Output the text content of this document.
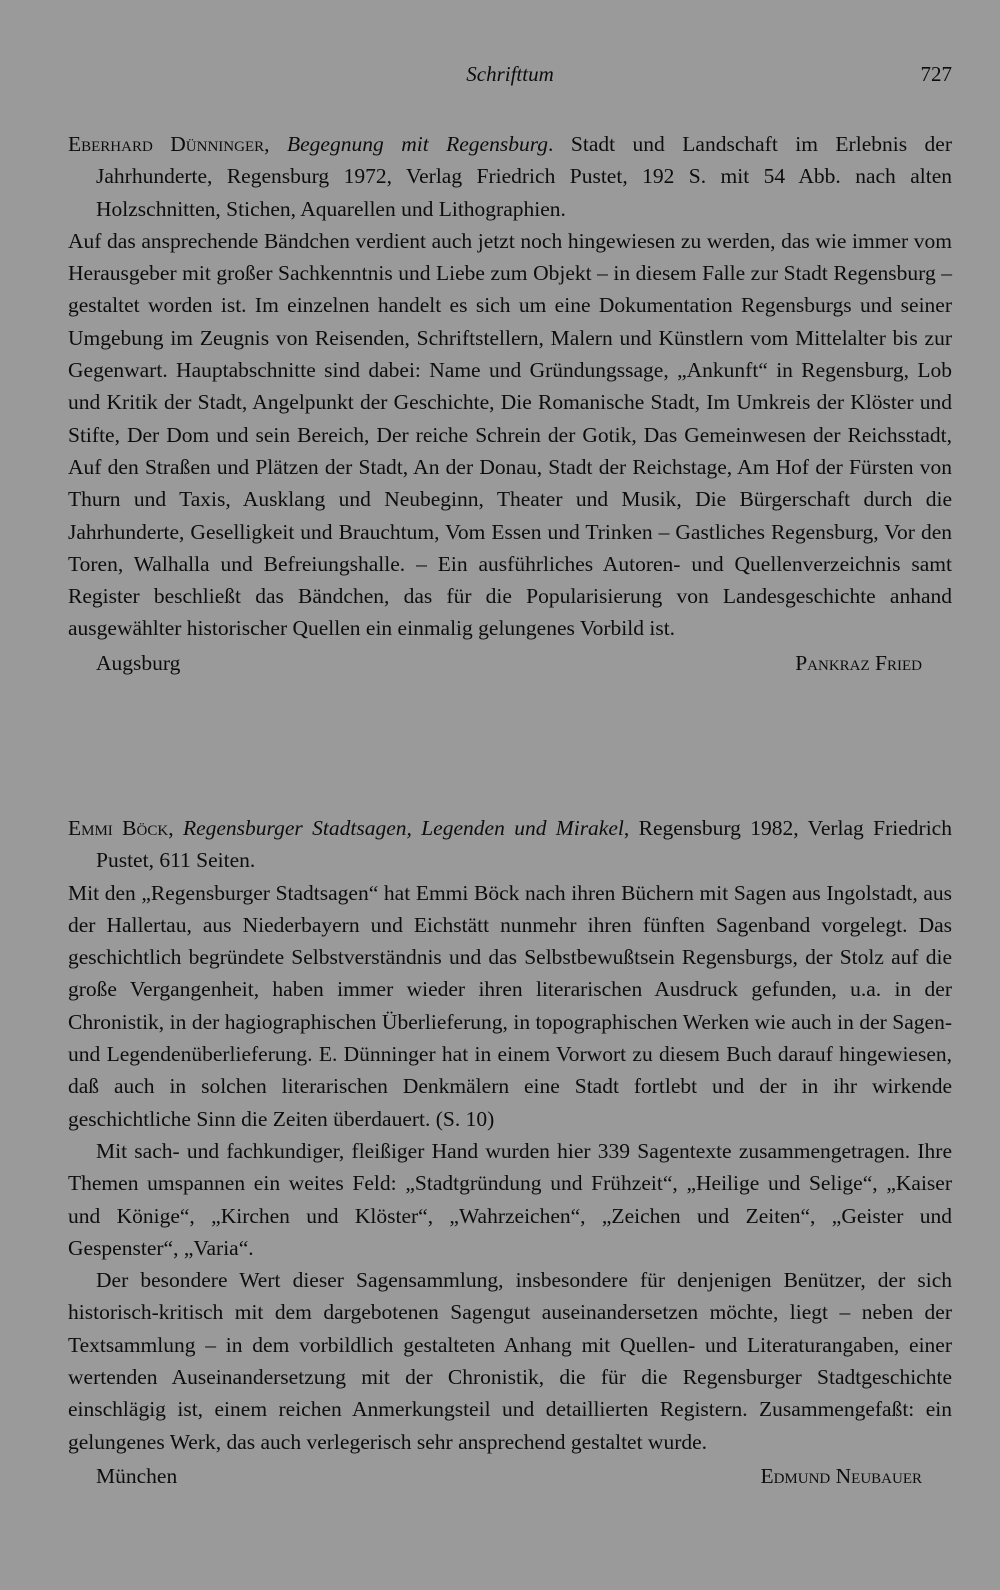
Schrifttum	727

Eberhard Dünninger, Begegnung mit Regensburg. Stadt und Landschaft im Erlebnis der Jahrhunderte, Regensburg 1972, Verlag Friedrich Pustet, 192 S. mit 54 Abb. nach alten Holzschnitten, Stichen, Aquarellen und Lithographien.

Auf das ansprechende Bändchen verdient auch jetzt noch hingewiesen zu werden, das wie immer vom Herausgeber mit großer Sachkenntnis und Liebe zum Objekt – in diesem Falle zur Stadt Regensburg – gestaltet worden ist. Im einzelnen handelt es sich um eine Dokumentation Regensburgs und seiner Umgebung im Zeugnis von Reisenden, Schriftstellern, Malern und Künstlern vom Mittelalter bis zur Gegenwart. Hauptabschnitte sind dabei: Name und Gründungssage, „Ankunft“ in Regensburg, Lob und Kritik der Stadt, Angelpunkt der Geschichte, Die Romanische Stadt, Im Umkreis der Klöster und Stifte, Der Dom und sein Bereich, Der reiche Schrein der Gotik, Das Gemeinwesen der Reichsstadt, Auf den Straßen und Plätzen der Stadt, An der Donau, Stadt der Reichstage, Am Hof der Fürsten von Thurn und Taxis, Ausklang und Neubeginn, Theater und Musik, Die Bürgerschaft durch die Jahrhunderte, Geselligkeit und Brauchtum, Vom Essen und Trinken – Gastliches Regensburg, Vor den Toren, Walhalla und Befreiungshalle. – Ein ausführliches Autoren- und Quellenverzeichnis samt Register beschließt das Bändchen, das für die Popularisierung von Landesgeschichte anhand ausgewählter historischer Quellen ein einmalig gelungenes Vorbild ist.

Augsburg	Pankraz Fried

Emmi Böck, Regensburger Stadtsagen, Legenden und Mirakel, Regensburg 1982, Verlag Friedrich Pustet, 611 Seiten.

Mit den „Regensburger Stadtsagen“ hat Emmi Böck nach ihren Büchern mit Sagen aus Ingolstadt, aus der Hallertau, aus Niederbayern und Eichstätt nunmehr ihren fünften Sagenband vorgelegt. Das geschichtlich begründete Selbstverständnis und das Selbstbewußtsein Regensburgs, der Stolz auf die große Vergangenheit, haben immer wieder ihren literarischen Ausdruck gefunden, u.a. in der Chronistik, in der hagiographischen Überlieferung, in topographischen Werken wie auch in der Sagen- und Legendenüberlieferung. E. Dünninger hat in einem Vorwort zu diesem Buch darauf hingewiesen, daß auch in solchen literarischen Denkmälern eine Stadt fortlebt und der in ihr wirkende geschichtliche Sinn die Zeiten überdauert. (S. 10)

Mit sach- und fachkundiger, fleißiger Hand wurden hier 339 Sagentexte zusammengetragen. Ihre Themen umspannen ein weites Feld: „Stadtgründung und Frühzeit“, „Heilige und Selige“, „Kaiser und Könige“, „Kirchen und Klöster“, „Wahrzeichen“, „Zeichen und Zeiten“, „Geister und Gespenster“, „Varia“.

Der besondere Wert dieser Sagensammlung, insbesondere für denjenigen Benützer, der sich historisch-kritisch mit dem dargebotenen Sagengut auseinandersetzen möchte, liegt – neben der Textsammlung – in dem vorbildlich gestalteten Anhang mit Quellen- und Literaturangaben, einer wertenden Auseinandersetzung mit der Chronistik, die für die Regensburger Stadtgeschichte einschlägig ist, einem reichen Anmerkungsteil und detaillierten Registern. Zusammengefaßt: ein gelungenes Werk, das auch verlegerisch sehr ansprechend gestaltet wurde.

München	Edmund Neubauer
